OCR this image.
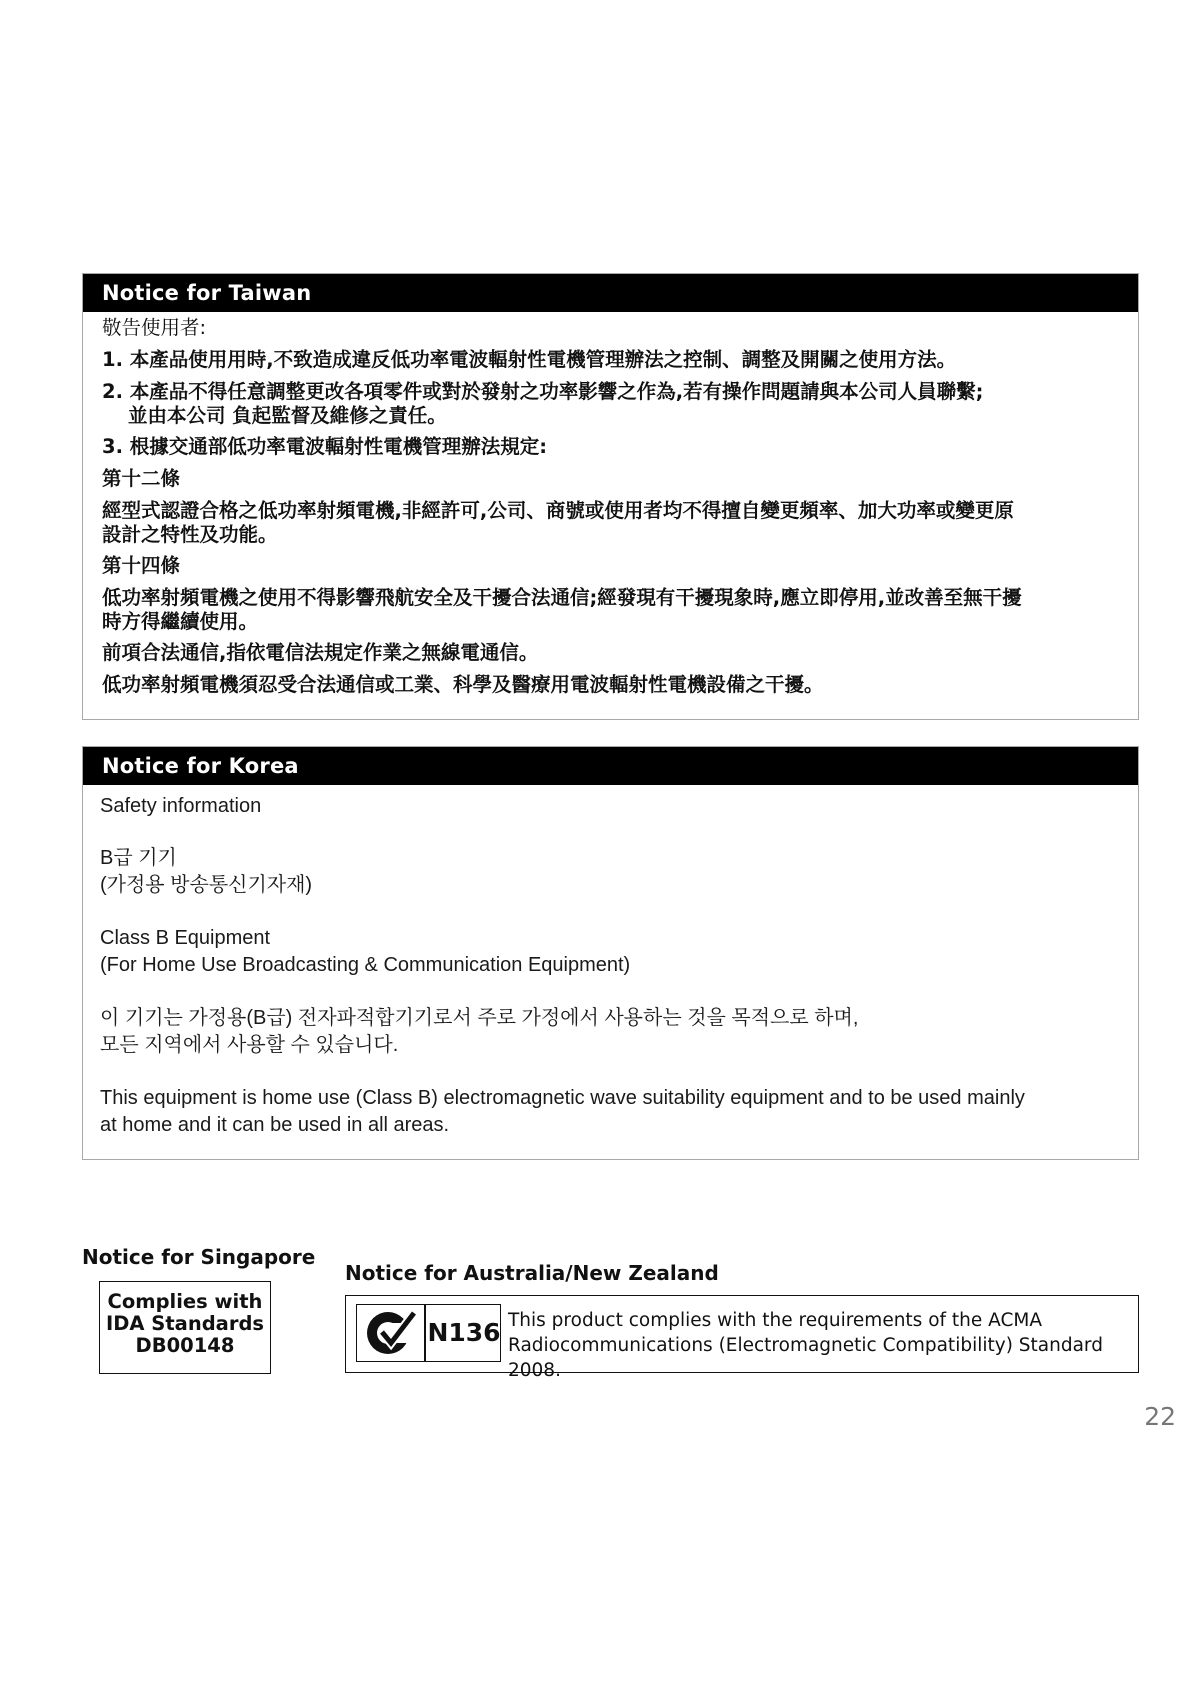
Notice for Taiwan

敬告使用者:

1. 本產品使用用時,不致造成違反低功率電波輻射性電機管理辦法之控制、調整及開關之使用方法。

2. 本產品不得任意調整更改各項零件或對於發射之功率影響之作為,若有操作問題請與本公司人員聯繫;

並由本公司 負起監督及維修之責任。

3. 根據交通部低功率電波輻射性電機管理辦法規定:

第十二條

經型式認證合格之低功率射頻電機,非經許可,公司、商號或使用者均不得擅自變更頻率、加大功率或變更原

設計之特性及功能。

第十四條

低功率射頻電機之使用不得影響飛航安全及干擾合法通信;經發現有干擾現象時,應立即停用,並改善至無干擾

時方得繼續使用。

前項合法通信,指依電信法規定作業之無線電通信。

低功率射頻電機須忍受合法通信或工業、科學及醫療用電波輻射性電機設備之干擾。

Notice for Korea

Safety information

B급 기기

(가정용 방송통신기자재)

Class B Equipment

(For Home Use Broadcasting & Communication Equipment)

이 기기는 가정용(B급) 전자파적합기기로서 주로 가정에서 사용하는 것을 목적으로 하며,

모든 지역에서 사용할 수 있습니다.

This equipment is home use (Class B) electromagnetic wave suitability equipment and to be used mainly

at home and it can be used in all areas.

Notice for Singapore
Complies with
IDA Standards
DB00148
Notice for Australia/New Zealand
N136 This product complies with the requirements of the ACMA
Radiocommunications (Electromagnetic Compatibility) Standard 2008.
22
